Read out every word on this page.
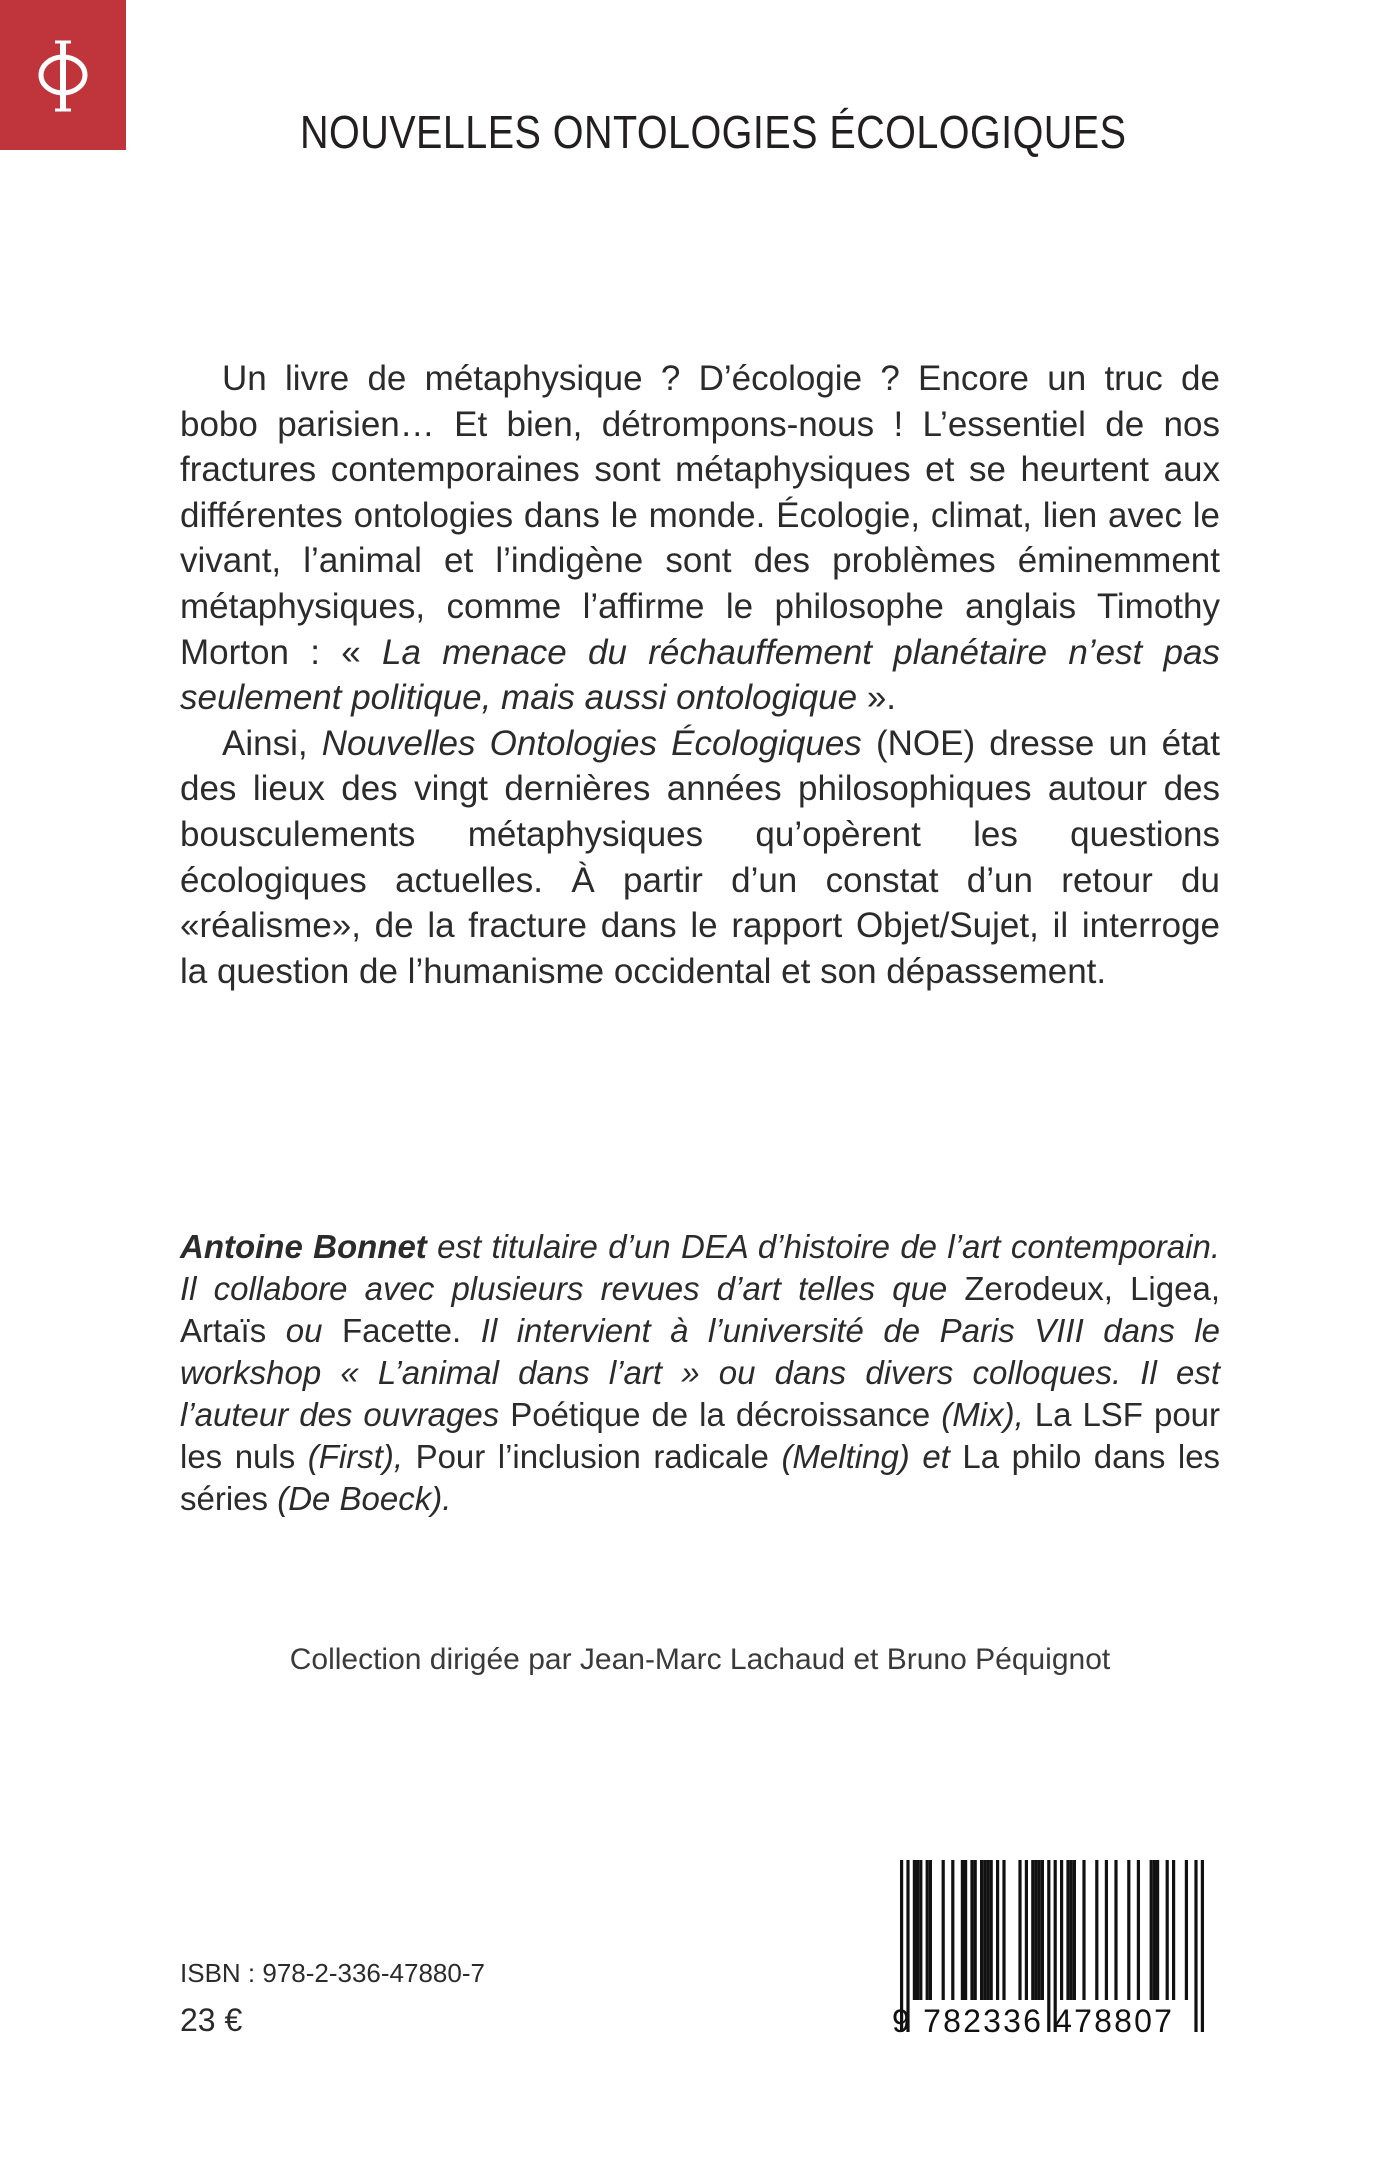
NOUVELLES ONTOLOGIES ÉCOLOGIQUES

Un livre de métaphysique ? D’écologie ? Encore un truc de bobo parisien… Et bien, détrompons-nous ! L’essentiel de nos fractures contemporaines sont métaphysiques et se heurtent aux différentes ontologies dans le monde. Écologie, climat, lien avec le vivant, l’animal et l’indigène sont des problèmes éminemment métaphysiques, comme l’affirme le philosophe anglais Timothy Morton : « La menace du réchauffement planétaire n’est pas seulement politique, mais aussi ontologique ».

Ainsi, Nouvelles Ontologies Écologiques (NOE) dresse un état des lieux des vingt dernières années philosophiques autour des bousculements métaphysiques qu’opèrent les questions écologiques actuelles. À partir d’un constat d’un retour du «réalisme», de la fracture dans le rapport Objet/Sujet, il interroge la question de l’humanisme occidental et son dépassement.

Antoine Bonnet est titulaire d’un DEA d’histoire de l’art contemporain. Il collabore avec plusieurs revues d’art telles que Zerodeux, Ligea, Artaïs ou Facette. Il intervient à l’université de Paris VIII dans le workshop « L’animal dans l’art » ou dans divers colloques. Il est l’auteur des ouvrages Poétique de la décroissance (Mix), La LSF pour les nuls (First), Pour l’inclusion radicale (Melting) et La philo dans les séries (De Boeck).

Collection dirigée par Jean-Marc Lachaud et Bruno Péquignot
ISBN : 978-2-336-47880-7
23 €	9 782336 478807
